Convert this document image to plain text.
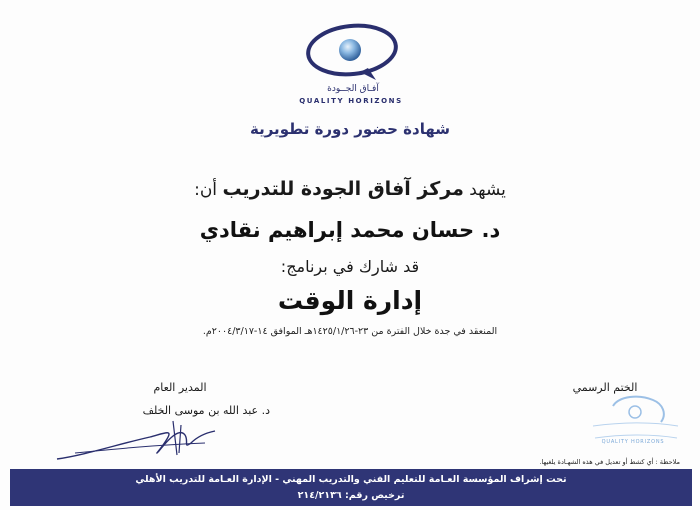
آفـاق الجــودة
QUALITY HORIZONS
شهادة حضور دورة تطويرية
يشهد مركز آفاق الجودة للتدريب أن:
د. حسان محمد إبراهيم نقادي
قد شارك في برنامج:
إدارة الوقت
المنعقد في جدة خلال الفترة من ٢٣-١٤٢٥/١/٢٦هـ الموافق ١٤-٢٠٠٤/٣/١٧م.
المدير العام
د. عبد الله بن موسى الخلف
الختم الرسمي
QUALITY HORIZONS
ملاحظة : أي كشط أو تعديل في هذه الشهـادة يلغيها.
تحت إشراف المؤسسة العـامة للتعليم الفني والتدريب المهني - الإدارة العـامة للتدريب الأهلي
ترخيص رقم: ٢١٤/٢١٣٦
